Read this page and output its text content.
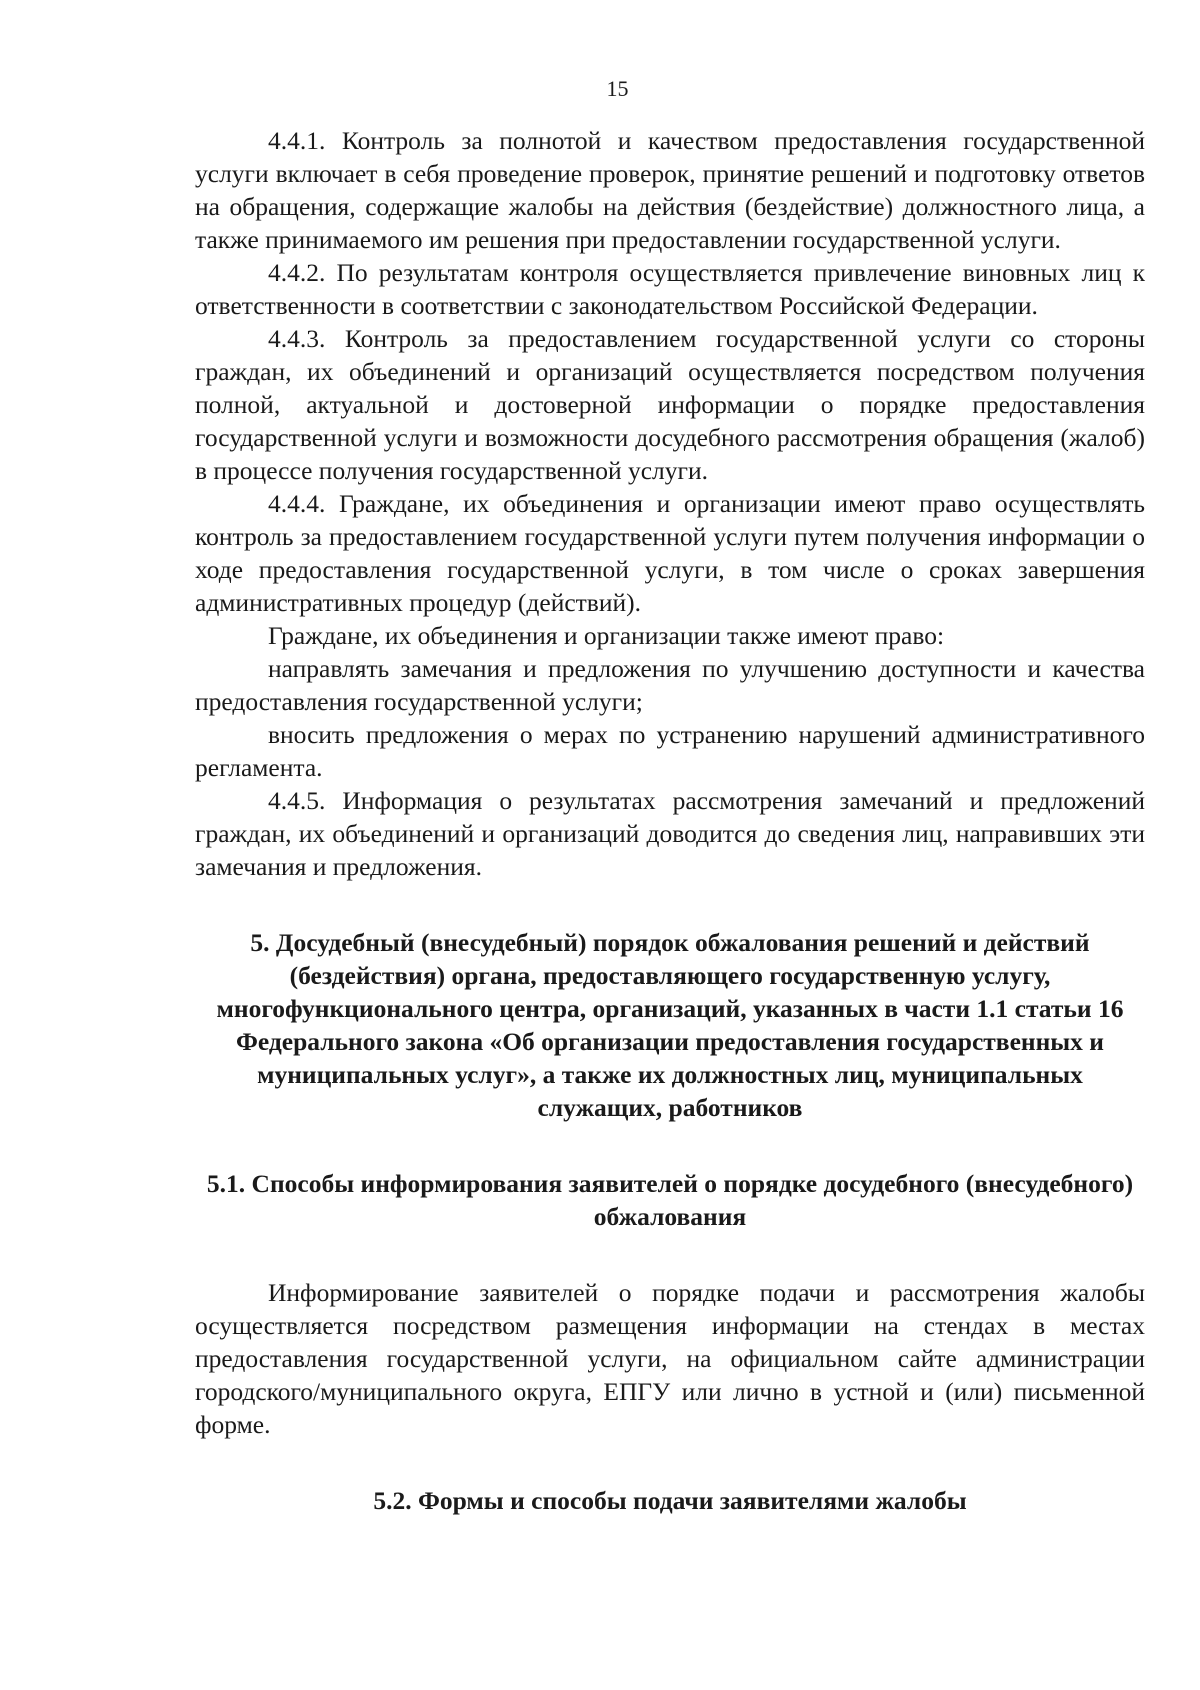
15

4.4.1. Контроль за полнотой и качеством предоставления государственной услуги включает в себя проведение проверок, принятие решений и подготовку ответов на обращения, содержащие жалобы на действия (бездействие) должностного лица, а также принимаемого им решения при предоставлении государственной услуги.

4.4.2. По результатам контроля осуществляется привлечение виновных лиц к ответственности в соответствии с законодательством Российской Федерации.

4.4.3. Контроль за предоставлением государственной услуги со стороны граждан, их объединений и организаций осуществляется посредством получения полной, актуальной и достоверной информации о порядке предоставления государственной услуги и возможности досудебного рассмотрения обращения (жалоб) в процессе получения государственной услуги.

4.4.4. Граждане, их объединения и организации имеют право осуществлять контроль за предоставлением государственной услуги путем получения информации о ходе предоставления государственной услуги, в том числе о сроках завершения административных процедур (действий).

Граждане, их объединения и организации также имеют право:

направлять замечания и предложения по улучшению доступности и качества предоставления государственной услуги;

вносить предложения о мерах по устранению нарушений административного регламента.

4.4.5. Информация о результатах рассмотрения замечаний и предложений граждан, их объединений и организаций доводится до сведения лиц, направивших эти замечания и предложения.

5. Досудебный (внесудебный) порядок обжалования решений и действий (бездействия) органа, предоставляющего государственную услугу, многофункционального центра, организаций, указанных в части 1.1 статьи 16 Федерального закона «Об организации предоставления государственных и муниципальных услуг», а также их должностных лиц, муниципальных служащих, работников
5.1. Способы информирования заявителей о порядке досудебного (внесудебного) обжалования

Информирование заявителей о порядке подачи и рассмотрения жалобы осуществляется посредством размещения информации на стендах в местах предоставления государственной услуги, на официальном сайте администрации городского/муниципального округа, ЕПГУ или лично в устной и (или) письменной форме.

5.2. Формы и способы подачи заявителями жалобы
